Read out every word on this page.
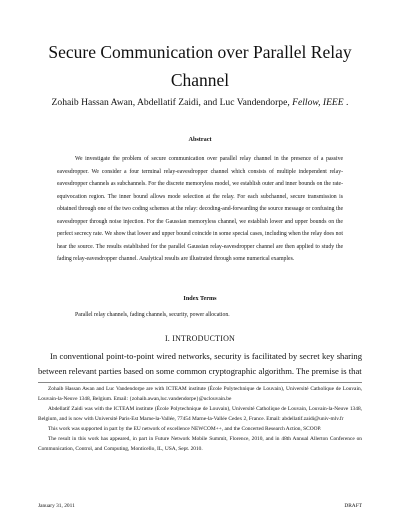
Secure Communication over Parallel Relay
Channel
Zohaib Hassan Awan, Abdellatif Zaidi, and Luc Vandendorpe, Fellow, IEEE .
Abstract

We investigate the problem of secure communication over parallel relay channel in the presence of a passive eavesdropper. We consider a four terminal relay-eavesdropper channel which consists of multiple independent relay-eavesdropper channels as subchannels. For the discrete memoryless model, we establish outer and inner bounds on the rate-equivocation region. The inner bound allows mode selection at the relay. For each subchannel, secure transmission is obtained through one of the two coding schemes at the relay: decoding-and-forwarding the source message or confusing the eavesdropper through noise injection. For the Gaussian memoryless channel, we establish lower and upper bounds on the perfect secrecy rate. We show that lower and upper bound coincide in some special cases, including when the relay does not hear the source. The results established for the parallel Gaussian relay-eavesdropper channel are then applied to study the fading relay-eavesdropper channel. Analytical results are illustrated through some numerical examples.

Index Terms

Parallel relay channels, fading channels, security, power allocation.

I. INTRODUCTION

In conventional point-to-point wired networks, security is facilitated by secret key sharing between relevant parties based on some common cryptographic algorithm. The premise is that

Zohaib Hassan Awan and Luc Vandendorpe are with ICTEAM institute (École Polytechnique de Louvain), Université Catholique de Louvain, Louvain-la-Neuve 1348, Belgium. Email: {zohaib.awan,luc.vandendorpe}@uclouvain.be

Abdellatif Zaidi was with the ICTEAM institute (École Polytechnique de Louvain), Université Catholique de Louvain, Louvain-la-Neuve 1348, Belgium, and is now with Université Paris-Est Marne-la-Vallée, 77454 Marne-la-Vallée Cedex 2, France. Email: abdellatif.zaidi@univ-mlv.fr

This work was supported in part by the EU network of excellence NEWCOM++, and the Concerted Research Action, SCOOP.

The result in this work has appeared, in part in Future Network Mobile Summit, Florence, 2010, and in 48th Annual Allerton Conference on Communication, Control, and Computing, Monticello, IL, USA, Sept. 2010.

January 31, 2011	DRAFT
